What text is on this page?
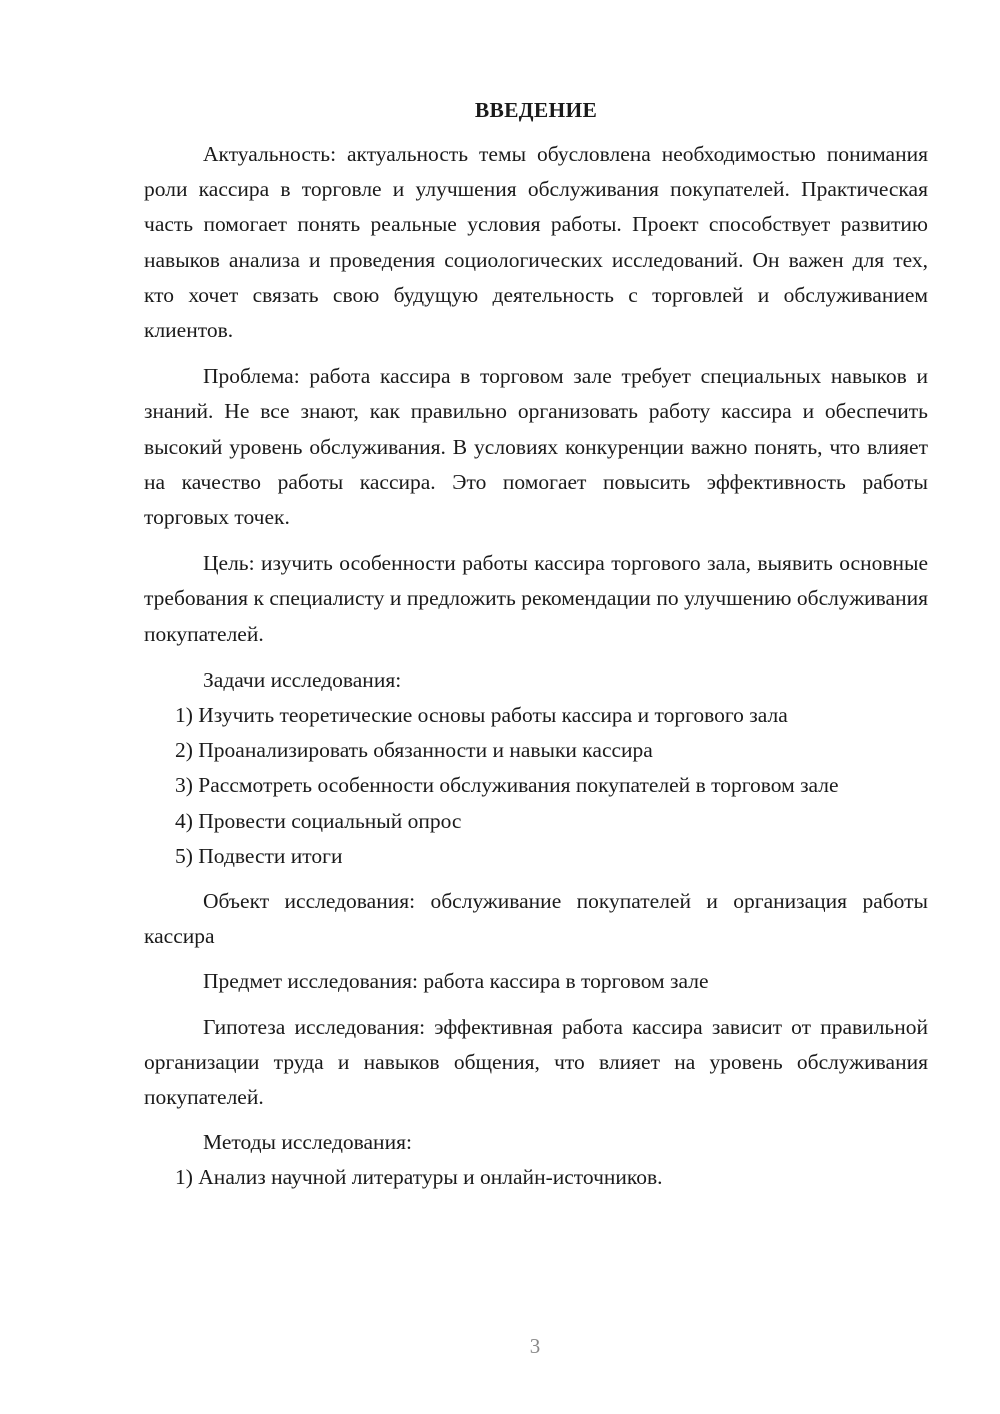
ВВЕДЕНИЕ

Актуальность: актуальность темы обусловлена необходимостью понимания роли кассира в торговле и улучшения обслуживания покупателей. Практическая часть помогает понять реальные условия работы. Проект способствует развитию навыков анализа и проведения социологических исследований. Он важен для тех, кто хочет связать свою будущую деятельность с торговлей и обслуживанием клиентов.

Проблема: работа кассира в торговом зале требует специальных навыков и знаний. Не все знают, как правильно организовать работу кассира и обеспечить высокий уровень обслуживания. В условиях конкуренции важно понять, что влияет на качество работы кассира. Это помогает повысить эффективность работы торговых точек.

Цель: изучить особенности работы кассира торгового зала, выявить основные требования к специалисту и предложить рекомендации по улучшению обслуживания покупателей.

Задачи исследования:

1) Изучить теоретические основы работы кассира и торгового зала

2) Проанализировать обязанности и навыки кассира

3) Рассмотреть особенности обслуживания покупателей в торговом зале

4) Провести социальный опрос

5) Подвести итоги

Объект исследования: обслуживание покупателей и организация работы кассира

Предмет исследования: работа кассира в торговом зале

Гипотеза исследования: эффективная работа кассира зависит от правильной организации труда и навыков общения, что влияет на уровень обслуживания покупателей.

Методы исследования:

1) Анализ научной литературы и онлайн-источников.

3
